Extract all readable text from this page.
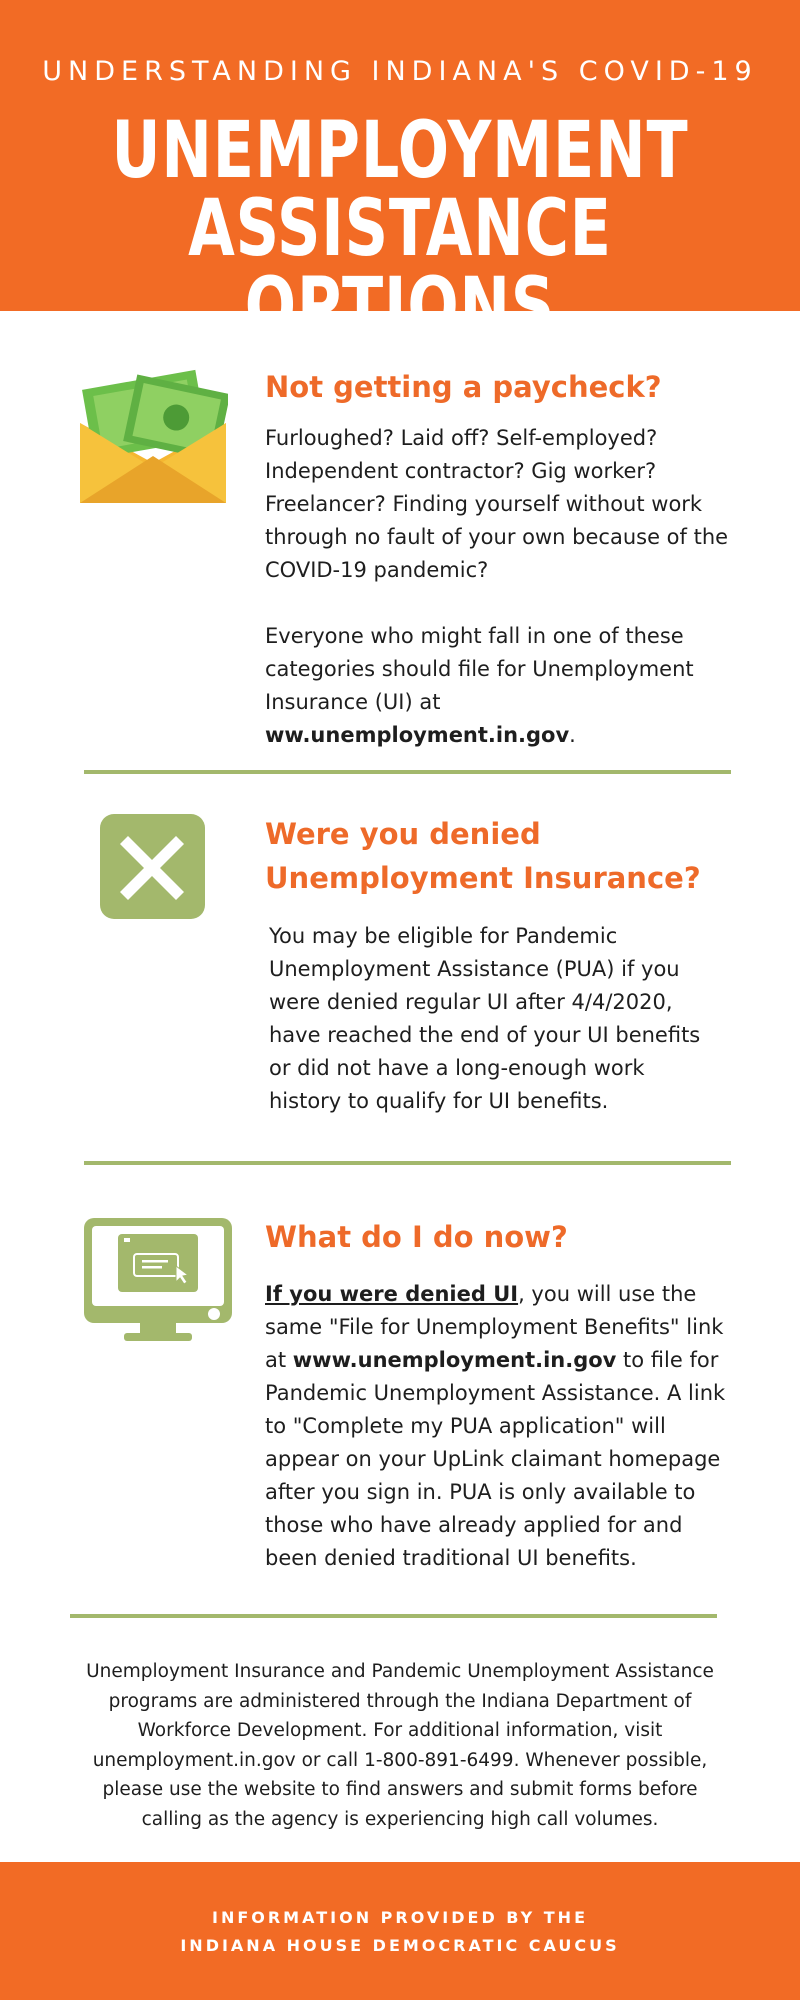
UNDERSTANDING INDIANA'S COVID-19
UNEMPLOYMENT
ASSISTANCE OPTIONS
Not getting a paycheck?

Furloughed? Laid off? Self-employed? Independent contractor? Gig worker? Freelancer? Finding yourself without work through no fault of your own because of the COVID-19 pandemic?

Everyone who might fall in one of these categories should file for Unemployment Insurance (UI) at ww.unemployment.in.gov.

Were you denied
Unemployment Insurance?

You may be eligible for Pandemic Unemployment Assistance (PUA) if you were denied regular UI after 4/4/2020, have reached the end of your UI benefits or did not have a long-enough work history to qualify for UI benefits.

What do I do now?

If you were denied UI, you will use the same "File for Unemployment Benefits" link at www.unemployment.in.gov to file for Pandemic Unemployment Assistance. A link to "Complete my PUA application" will appear on your UpLink claimant homepage after you sign in. PUA is only available to those who have already applied for and been denied traditional UI benefits.

Unemployment Insurance and Pandemic Unemployment Assistance programs are administered through the Indiana Department of Workforce Development. For additional information, visit unemployment.in.gov or call 1-800-891-6499. Whenever possible, please use the website to find answers and submit forms before calling as the agency is experiencing high call volumes.

INFORMATION PROVIDED BY THE
INDIANA HOUSE DEMOCRATIC CAUCUS
